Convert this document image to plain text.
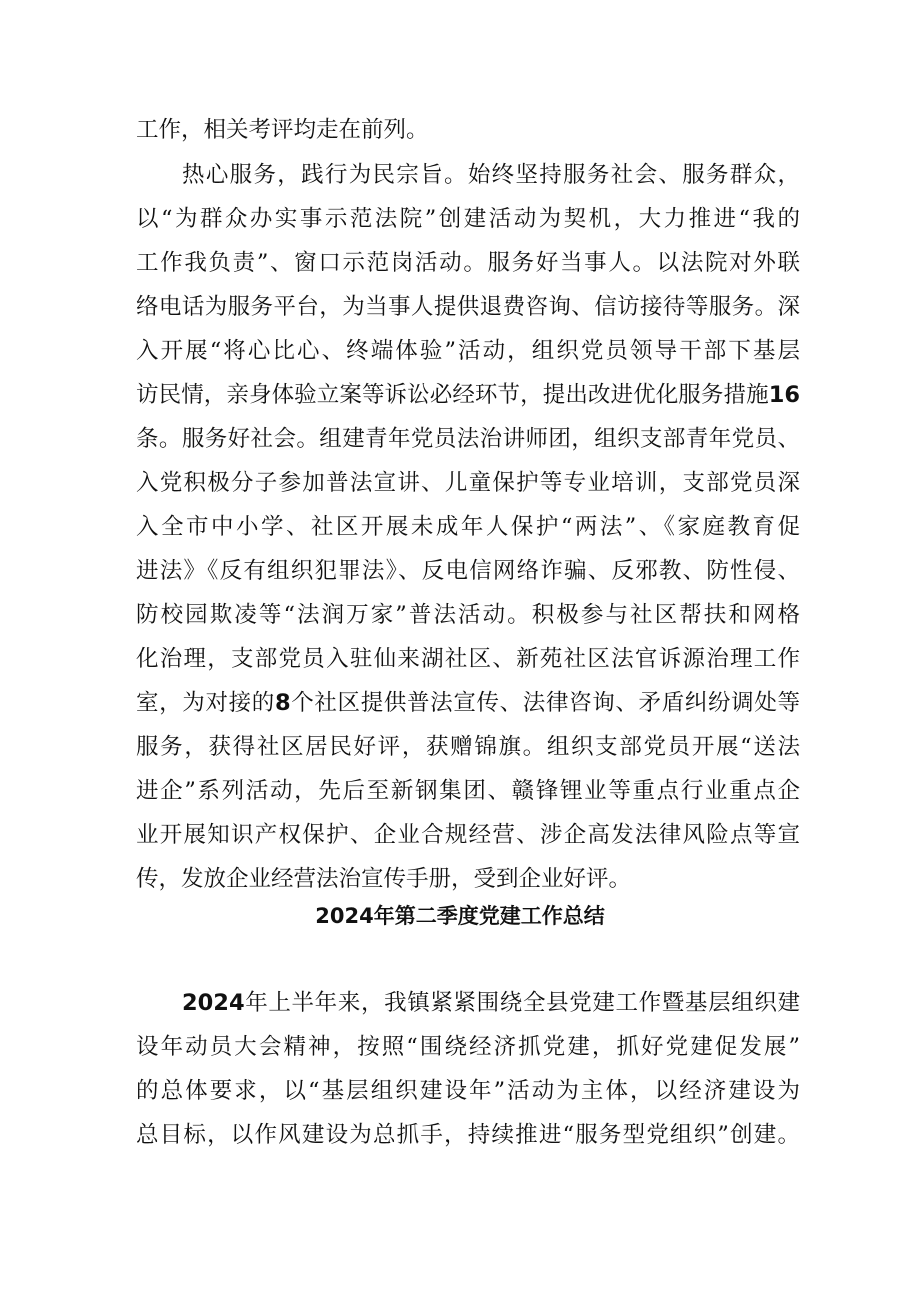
工作，相关考评均走在前列。
热心服务，践行为民宗旨。始终坚持服务社会、服务群众，
以“为群众办实事示范法院”创建活动为契机，大力推进“我的
工作我负责”、窗口示范岗活动。服务好当事人。以法院对外联
络电话为服务平台，为当事人提供退费咨询、信访接待等服务。深
入开展“将心比心、终端体验”活动，组织党员领导干部下基层
访民情，亲身体验立案等诉讼必经环节，提出改进优化服务措施16
条。服务好社会。组建青年党员法治讲师团，组织支部青年党员、
入党积极分子参加普法宣讲、儿童保护等专业培训，支部党员深
入全市中小学、社区开展未成年人保护“两法”、《家庭教育促
进法》《反有组织犯罪法》、反电信网络诈骗、反邪教、防性侵、
防校园欺凌等“法润万家”普法活动。积极参与社区帮扶和网格
化治理，支部党员入驻仙来湖社区、新苑社区法官诉源治理工作
室，为对接的8个社区提供普法宣传、法律咨询、矛盾纠纷调处等
服务，获得社区居民好评，获赠锦旗。组织支部党员开展“送法
进企”系列活动，先后至新钢集团、赣锋锂业等重点行业重点企
业开展知识产权保护、企业合规经营、涉企高发法律风险点等宣
传，发放企业经营法治宣传手册，受到企业好评。
2024年第二季度党建工作总结
2024年上半年来，我镇紧紧围绕全县党建工作暨基层组织建
设年动员大会精神，按照“围绕经济抓党建，抓好党建促发展”
的总体要求，以“基层组织建设年”活动为主体，以经济建设为
总目标，以作风建设为总抓手，持续推进“服务型党组织”创建。
